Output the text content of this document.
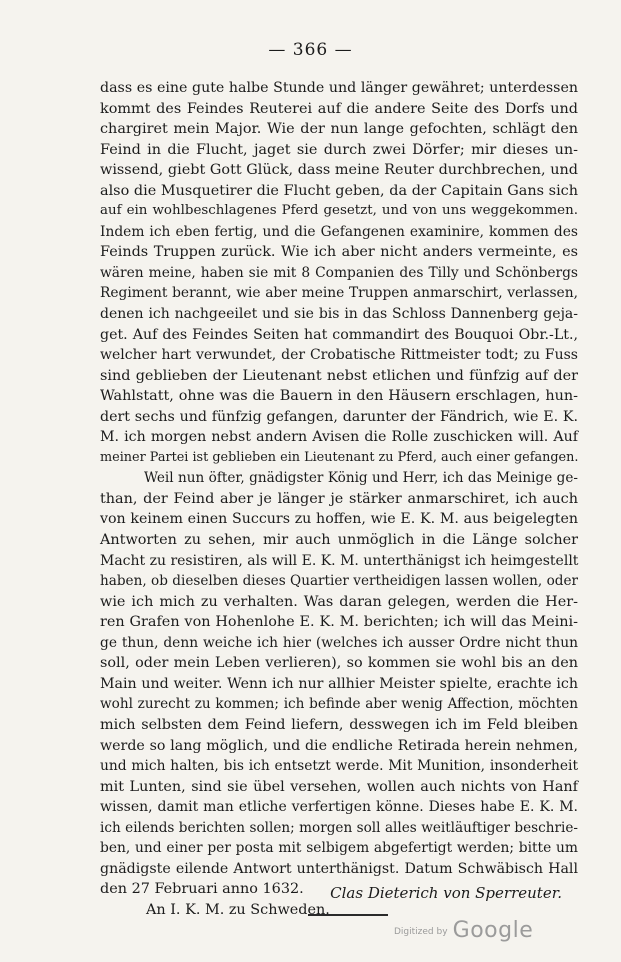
— 366 —
dass es eine gute halbe Stunde und länger gewähret; unterdessen
kommt des Feindes Reuterei auf die andere Seite des Dorfs und
chargiret mein Major. Wie der nun lange gefochten, schlägt den
Feind in die Flucht, jaget sie durch zwei Dörfer; mir dieses un-
wissend, giebt Gott Glück, dass meine Reuter durchbrechen, und
also die Musquetirer die Flucht geben, da der Capitain Gans sich
auf ein wohlbeschlagenes Pferd gesetzt, und von uns weggekommen.
Indem ich eben fertig, und die Gefangenen examinire, kommen des
Feinds Truppen zurück. Wie ich aber nicht anders vermeinte, es
wären meine, haben sie mit 8 Companien des Tilly und Schönbergs
Regiment berannt, wie aber meine Truppen anmarschirt, verlassen,
denen ich nachgeeilet und sie bis in das Schloss Dannenberg geja-
get. Auf des Feindes Seiten hat commandirt des Bouquoi Obr.-Lt.,
welcher hart verwundet, der Crobatische Rittmeister todt; zu Fuss
sind geblieben der Lieutenant nebst etlichen und fünfzig auf der
Wahlstatt, ohne was die Bauern in den Häusern erschlagen, hun-
dert sechs und fünfzig gefangen, darunter der Fändrich, wie E. K.
M. ich morgen nebst andern Avisen die Rolle zuschicken will. Auf
meiner Partei ist geblieben ein Lieutenant zu Pferd, auch einer gefangen.
Weil nun öfter, gnädigster König und Herr, ich das Meinige ge-
than, der Feind aber je länger je stärker anmarschiret, ich auch
von keinem einen Succurs zu hoffen, wie E. K. M. aus beigelegten
Antworten zu sehen, mir auch unmöglich in die Länge solcher
Macht zu resistiren, als will E. K. M. unterthänigst ich heimgestellt
haben, ob dieselben dieses Quartier vertheidigen lassen wollen, oder
wie ich mich zu verhalten. Was daran gelegen, werden die Her-
ren Grafen von Hohenlohe E. K. M. berichten; ich will das Meini-
ge thun, denn weiche ich hier (welches ich ausser Ordre nicht thun
soll, oder mein Leben verlieren), so kommen sie wohl bis an den
Main und weiter. Wenn ich nur allhier Meister spielte, erachte ich
wohl zurecht zu kommen; ich befinde aber wenig Affection, möchten
mich selbsten dem Feind liefern, desswegen ich im Feld bleiben
werde so lang möglich, und die endliche Retirada herein nehmen,
und mich halten, bis ich entsetzt werde. Mit Munition, insonderheit
mit Lunten, sind sie übel versehen, wollen auch nichts von Hanf
wissen, damit man etliche verfertigen könne. Dieses habe E. K. M.
ich eilends berichten sollen; morgen soll alles weitläuftiger beschrie-
ben, und einer per posta mit selbigem abgefertigt werden; bitte um
gnädigste eilende Antwort unterthänigst. Datum Schwäbisch Hall
den 27 Februari anno 1632.
An I. K. M. zu Schweden.
Clas Dieterich von Sperreuter.
Digitized by Google
